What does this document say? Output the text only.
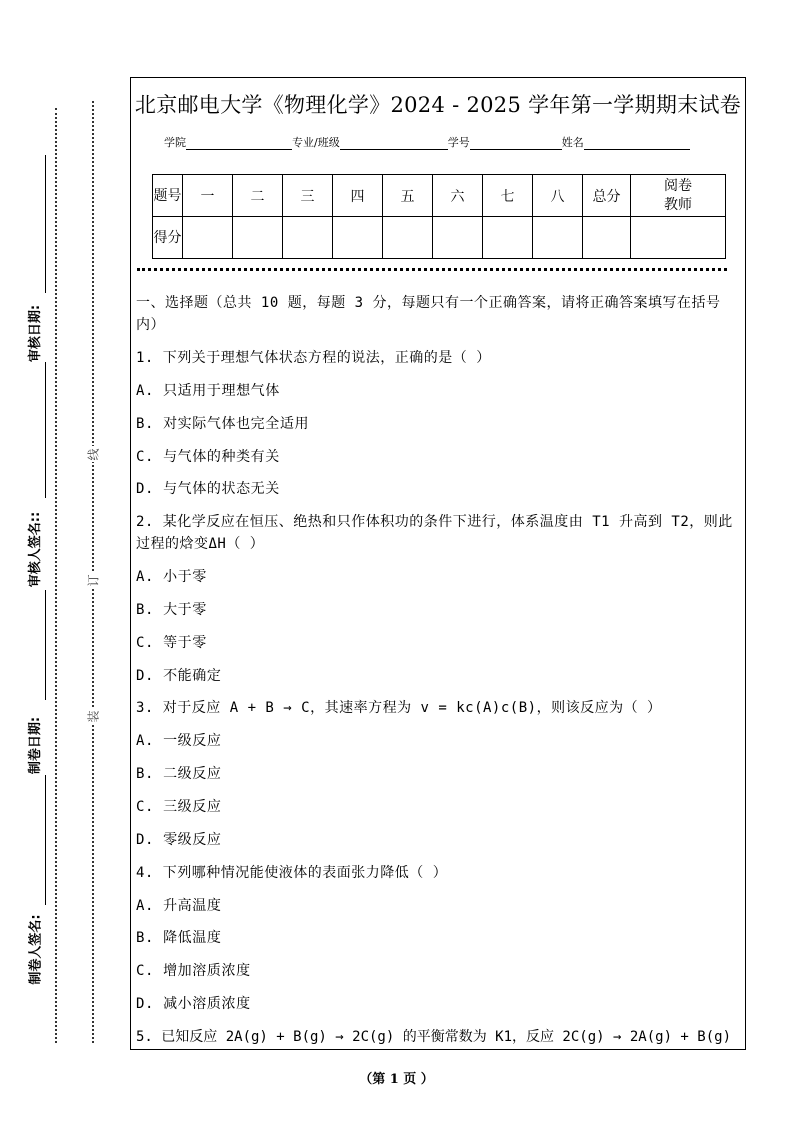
审核日期:
审核人签名::
制卷日期:
制卷人签名:
线
订
装
北京邮电大学《物理化学》2024 - 2025 学年第一学期期末试卷
学院	专业/班级	学号	姓名
题号	一	二	三	四	五	六	七	八	总分	阅卷教师
得分										
一、选择题（总共 10 题，每题 3 分，每题只有一个正确答案，请将正确答案填写在括号内）
1. 下列关于理想气体状态方程的说法，正确的是（ ）
A. 只适用于理想气体
B. 对实际气体也完全适用
C. 与气体的种类有关
D. 与气体的状态无关
2. 某化学反应在恒压、绝热和只作体积功的条件下进行，体系温度由 T1 升高到 T2，则此过程的焓变ΔH（ ）
A. 小于零
B. 大于零
C. 等于零
D. 不能确定
3. 对于反应 A + B → C，其速率方程为 v = kc(A)c(B)，则该反应为（ ）
A. 一级反应
B. 二级反应
C. 三级反应
D. 零级反应
4. 下列哪种情况能使液体的表面张力降低（ ）
A. 升高温度
B. 降低温度
C. 增加溶质浓度
D. 减小溶质浓度
5. 已知反应 2A(g) + B(g) → 2C(g) 的平衡常数为 K1，反应 2C(g) → 2A(g) + B(g)
（第 1 页 ）
